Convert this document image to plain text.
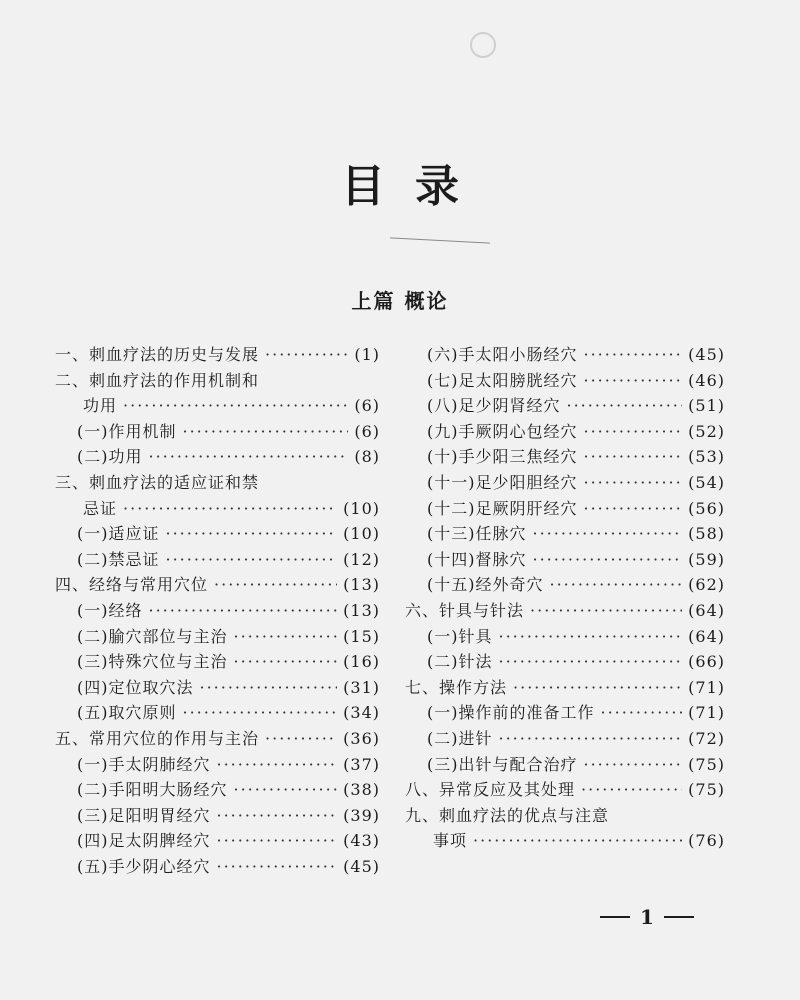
目录
上篇 概论
一、刺血疗法的历史与发展 ·····	(1)
二、刺血疗法的作用机制和
功用 ·····	(6)
(一)作用机制 ·····	(6)
(二)功用 ·····	(8)
三、刺血疗法的适应证和禁
忌证 ·····	(10)
(一)适应证 ·····	(10)
(二)禁忌证 ·····	(12)
四、经络与常用穴位 ·····	(13)
(一)经络 ·····	(13)
(二)腧穴部位与主治 ·····	(15)
(三)特殊穴位与主治 ·····	(16)
(四)定位取穴法 ·····	(31)
(五)取穴原则 ·····	(34)
五、常用穴位的作用与主治 ·····	(36)
(一)手太阴肺经穴 ·····	(37)
(二)手阳明大肠经穴 ·····	(38)
(三)足阳明胃经穴 ·····	(39)
(四)足太阴脾经穴 ·····	(43)
(五)手少阴心经穴 ·····	(45)
(六)手太阳小肠经穴 ·····	(45)
(七)足太阳膀胱经穴 ·····	(46)
(八)足少阴肾经穴 ·····	(51)
(九)手厥阴心包经穴 ·····	(52)
(十)手少阳三焦经穴 ·····	(53)
(十一)足少阳胆经穴 ·····	(54)
(十二)足厥阴肝经穴 ·····	(56)
(十三)任脉穴 ·····	(58)
(十四)督脉穴 ·····	(59)
(十五)经外奇穴 ·····	(62)
六、针具与针法 ·····	(64)
(一)针具 ·····	(64)
(二)针法 ·····	(66)
七、操作方法 ·····	(71)
(一)操作前的准备工作 ·····	(71)
(二)进针 ·····	(72)
(三)出针与配合治疗 ·····	(75)
八、异常反应及其处理 ·····	(75)
九、刺血疗法的优点与注意
事项 ·····	(76)
1
